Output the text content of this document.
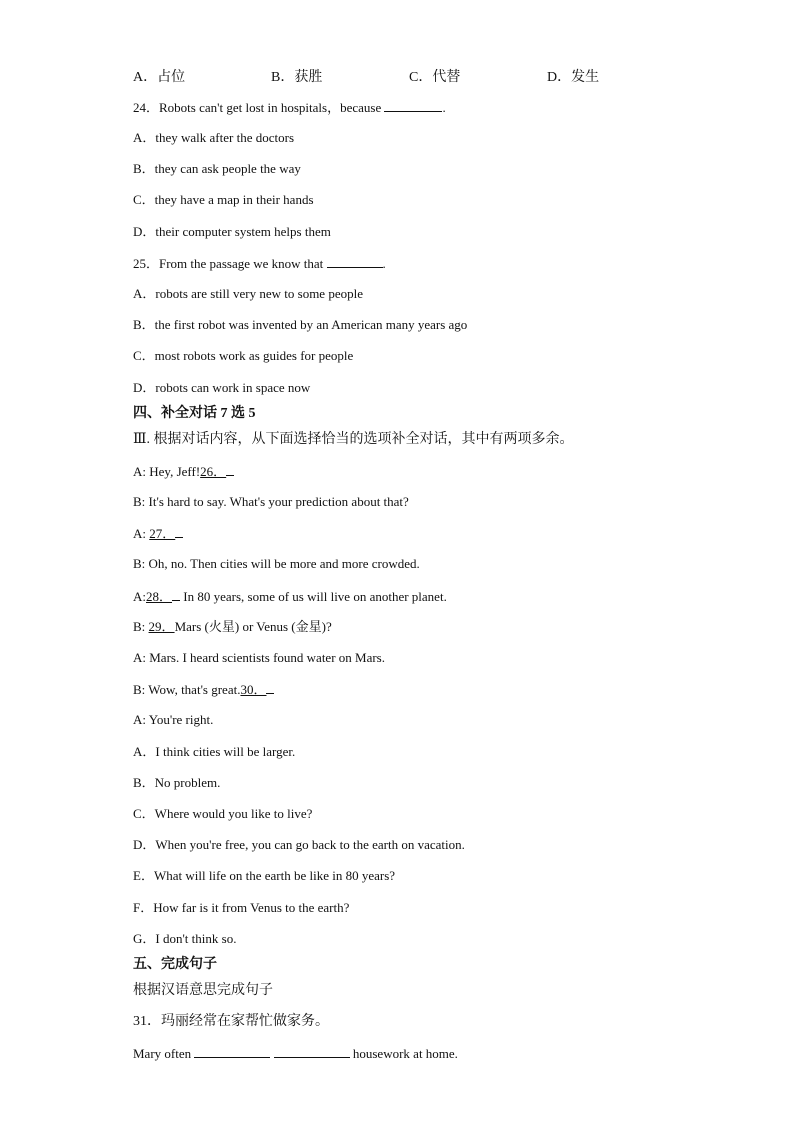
A．占位	B．获胜	C．代替	D．发生
24．Robots can't get lost in hospitals，because	.
A．they walk after the doctors
B．they can ask people the way
C．they have a map in their hands
D．their computer system helps them
25．From the passage we know that	.
A．robots are still very new to some people
B．the first robot was invented by an American many years ago
C．most robots work as guides for people
D．robots can work in space now
四、补全对话 7 选 5
Ⅲ. 根据对话内容，从下面选择恰当的选项补全对话，其中有两项多余。
A: Hey, Jeff!26．
B: It's hard to say. What's your prediction about that?
A: 27．
B: Oh, no. Then cities will be more and more crowded.
A:28． In 80 years, some of us will live on another planet.
B: 29．Mars (火星) or Venus (金星)?
A: Mars. I heard scientists found water on Mars.
B: Wow, that's great.30．
A: You're right.
A．I think cities will be larger.
B．No problem.
C．Where would you like to live?
D．When you're free, you can go back to the earth on vacation.
E．What will life on the earth be like in 80 years?
F．How far is it from Venus to the earth?
G．I don't think so.
五、完成句子
根据汉语意思完成句子
31．玛丽经常在家帮忙做家务。
Mary often	housework at home.
